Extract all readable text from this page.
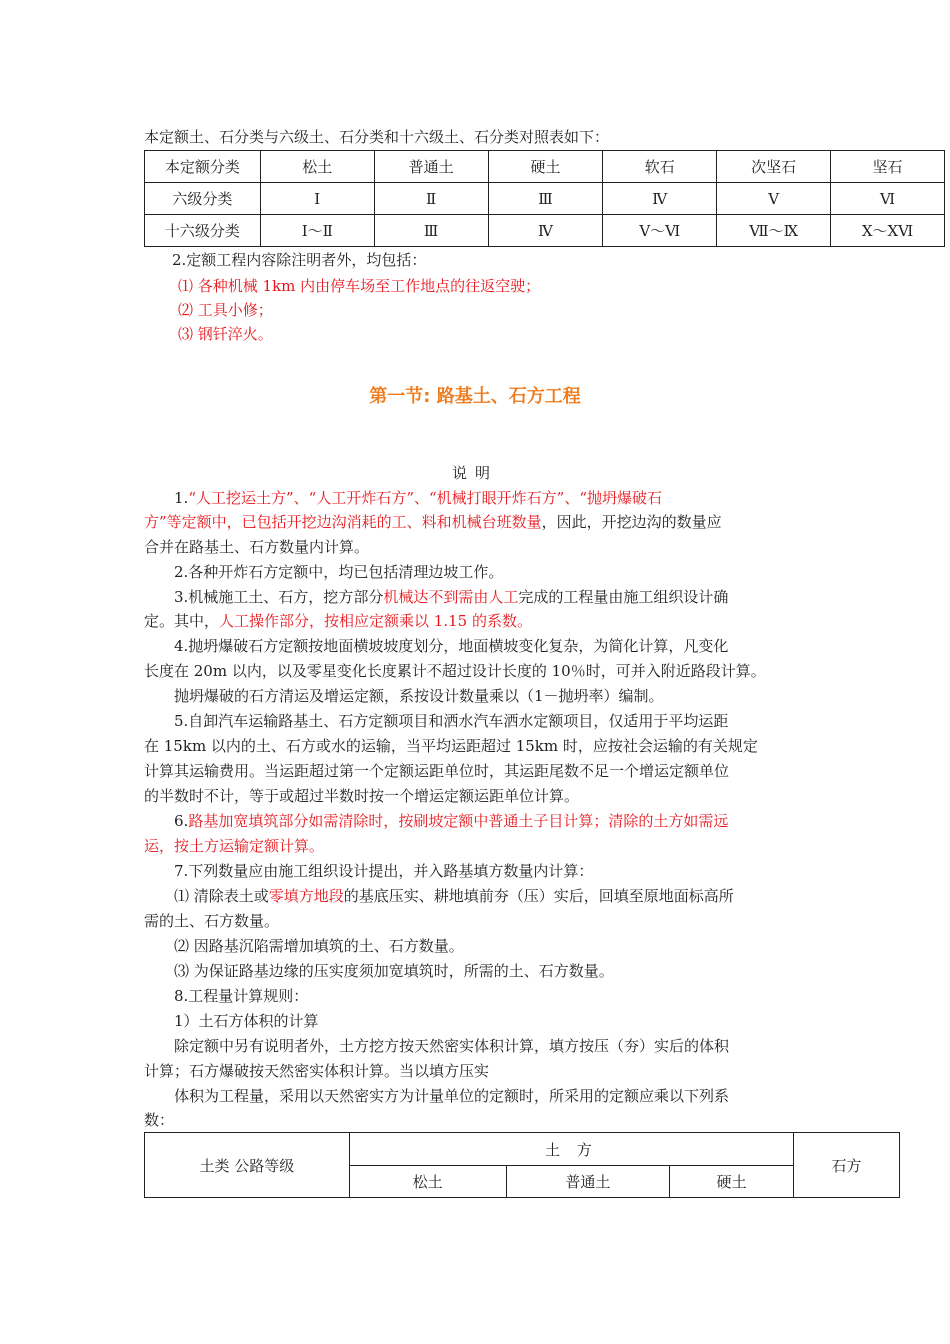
本定额土、石分类与六级土、石分类和十六级土、石分类对照表如下：
本定额分类	松土	普通土	硬土	软石	次坚石	坚石
六级分类	Ⅰ	Ⅱ	Ⅲ	Ⅳ	Ⅴ	Ⅵ
十六级分类	Ⅰ～Ⅱ	Ⅲ	Ⅳ	Ⅴ～Ⅵ	Ⅶ～Ⅸ	Ⅹ～ⅩⅥ
2.定额工程内容除注明者外，均包括：
⑴ 各种机械 1km 内由停车场至工作地点的往返空驶；
⑵ 工具小修；
⑶ 钢钎淬火。
第一节: 路基土、石方工程
说明
1.“人工挖运土方”、“人工开炸石方”、“机械打眼开炸石方”、“抛坍爆破石
方”等定额中，已包括开挖边沟消耗的工、料和机械台班数量，因此，开挖边沟的数量应
合并在路基土、石方数量内计算。
2.各种开炸石方定额中，均已包括清理边坡工作。
3.机械施工土、石方，挖方部分机械达不到需由人工完成的工程量由施工组织设计确
定。其中，人工操作部分，按相应定额乘以 1.15 的系数。
4.抛坍爆破石方定额按地面横坡坡度划分，地面横坡变化复杂，为简化计算，凡变化
长度在 20m 以内，以及零星变化长度累计不超过设计长度的 10％时，可并入附近路段计算。
抛坍爆破的石方清运及增运定额，系按设计数量乘以（1－抛坍率）编制。
5.自卸汽车运输路基土、石方定额项目和洒水汽车洒水定额项目，仅适用于平均运距
在 15km 以内的土、石方或水的运输，当平均运距超过 15km 时，应按社会运输的有关规定
计算其运输费用。当运距超过第一个定额运距单位时，其运距尾数不足一个增运定额单位
的半数时不计，等于或超过半数时按一个增运定额运距单位计算。
6.路基加宽填筑部分如需清除时，按刷坡定额中普通土子目计算；清除的土方如需远
运，按土方运输定额计算。
7.下列数量应由施工组织设计提出，并入路基填方数量内计算：
⑴ 清除表土或零填方地段的基底压实、耕地填前夯（压）实后，回填至原地面标高所
需的土、石方数量。
⑵ 因路基沉陷需增加填筑的土、石方数量。
⑶ 为保证路基边缘的压实度须加宽填筑时，所需的土、石方数量。
8.工程量计算规则：
1）土石方体积的计算
除定额中另有说明者外，土方挖方按天然密实体积计算，填方按压（夯）实后的体积
计算；石方爆破按天然密实体积计算。当以填方压实
体积为工程量，采用以天然密实方为计量单位的定额时，所采用的定额应乘以下列系
数：
土类 公路等级	土 方			石方
	松土	普通土	硬土	
